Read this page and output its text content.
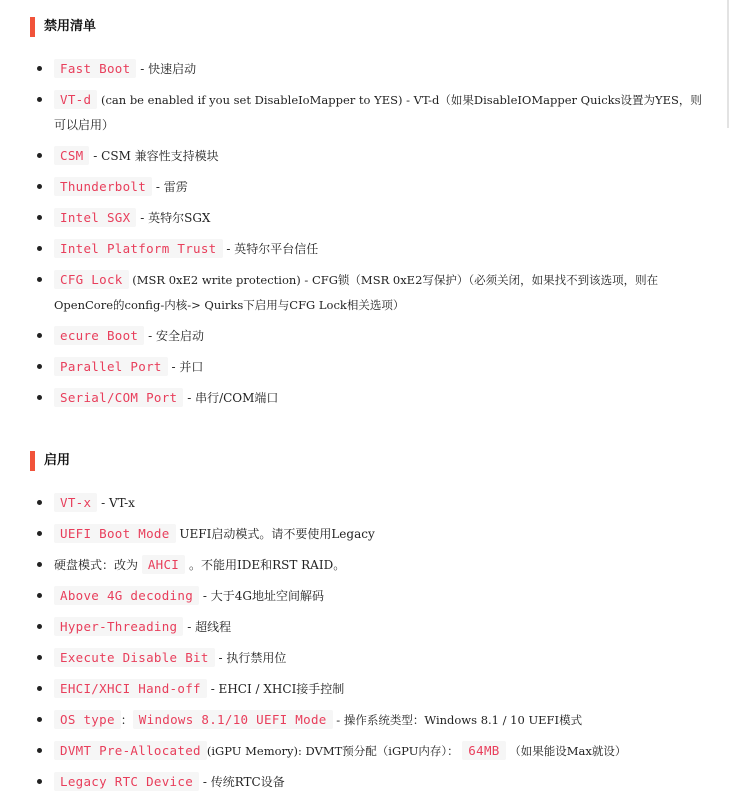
禁用清单
Fast Boot - 快速启动
VT-d (can be enabled if you set DisableIoMapper to YES) - VT-d（如果DisableIOMapper Quicks设置为YES，则
可以启用）
CSM - CSM 兼容性支持模块
Thunderbolt - 雷雳
Intel SGX - 英特尔SGX
Intel Platform Trust - 英特尔平台信任
CFG Lock (MSR 0xE2 write protection) - CFG锁（MSR 0xE2写保护）（必须关闭，如果找不到该选项，则在
OpenCore的config-内核-> Quirks下启用与CFG Lock相关选项）
ecure Boot - 安全启动
Parallel Port - 并口
Serial/COM Port - 串行/COM端口
启用
VT-x - VT-x
UEFI Boot Mode UEFI启动模式。请不要使用Legacy
硬盘模式：改为 AHCI 。不能用IDE和RST RAID。
Above 4G decoding - 大于4G地址空间解码
Hyper-Threading - 超线程
Execute Disable Bit - 执行禁用位
EHCI/XHCI Hand-off - EHCI / XHCI接手控制
OS type ： Windows 8.1/10 UEFI Mode - 操作系统类型：Windows 8.1 / 10 UEFI模式
DVMT Pre-Allocated (iGPU Memory): DVMT预分配（iGPU内存）： 64MB （如果能设Max就设）
Legacy RTC Device - 传统RTC设备
